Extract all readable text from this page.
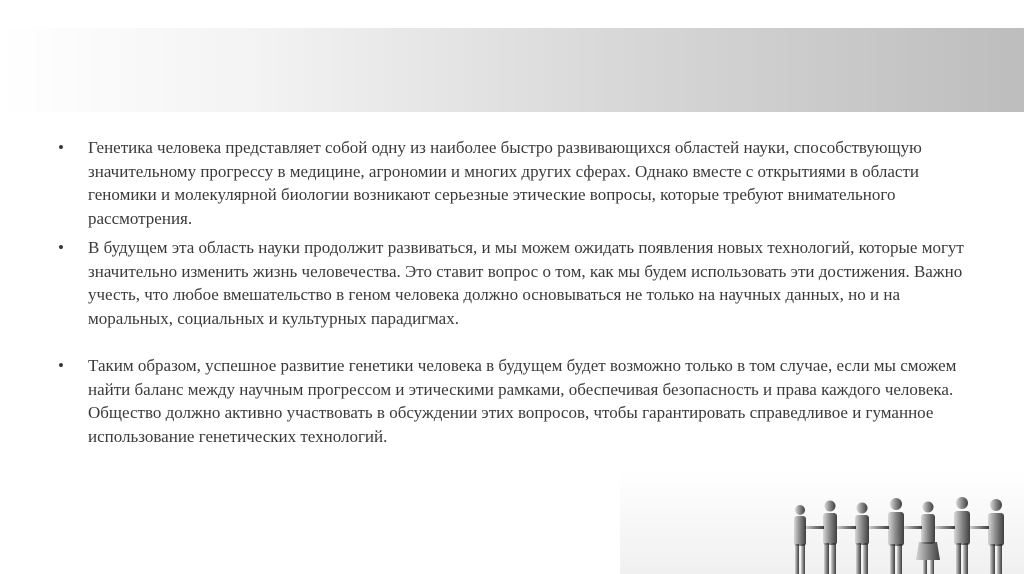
• Генетика человека представляет собой одну из наиболее быстро развивающихся областей науки, способствующую значительному прогрессу в медицине, агрономии и многих других сферах. Однако вместе с открытиями в области геномики и молекулярной биологии возникают серьезные этические вопросы, которые требуют внимательного рассмотрения.
• В будущем эта область науки продолжит развиваться, и мы можем ожидать появления новых технологий, которые могут значительно изменить жизнь человечества. Это ставит вопрос о том, как мы будем использовать эти достижения. Важно учесть, что любое вмешательство в геном человека должно основываться не только на научных данных, но и на моральных, социальных и культурных парадигмах.
• Таким образом, успешное развитие генетики человека в будущем будет возможно только в том случае, если мы сможем найти баланс между научным прогрессом и этическими рамками, обеспечивая безопасность и права каждого человека. Общество должно активно участвовать в обсуждении этих вопросов, чтобы гарантировать справедливое и гуманное использование генетических технологий.
